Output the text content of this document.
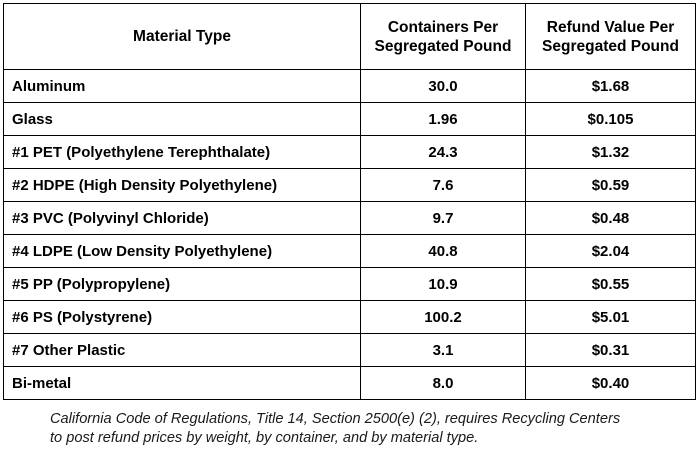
Material Type	Containers Per Segregated Pound	Refund Value Per Segregated Pound
Aluminum	30.0	$1.68
Glass	1.96	$0.105
#1 PET (Polyethylene Terephthalate)	24.3	$1.32
#2 HDPE (High Density Polyethylene)	7.6	$0.59
#3 PVC (Polyvinyl Chloride)	9.7	$0.48
#4 LDPE (Low Density Polyethylene)	40.8	$2.04
#5 PP (Polypropylene)	10.9	$0.55
#6 PS (Polystyrene)	100.2	$5.01
#7 Other Plastic	3.1	$0.31
Bi-metal	8.0	$0.40
California Code of Regulations, Title 14, Section 2500(e) (2), requires Recycling Centers
to post refund prices by weight, by container, and by material type.
